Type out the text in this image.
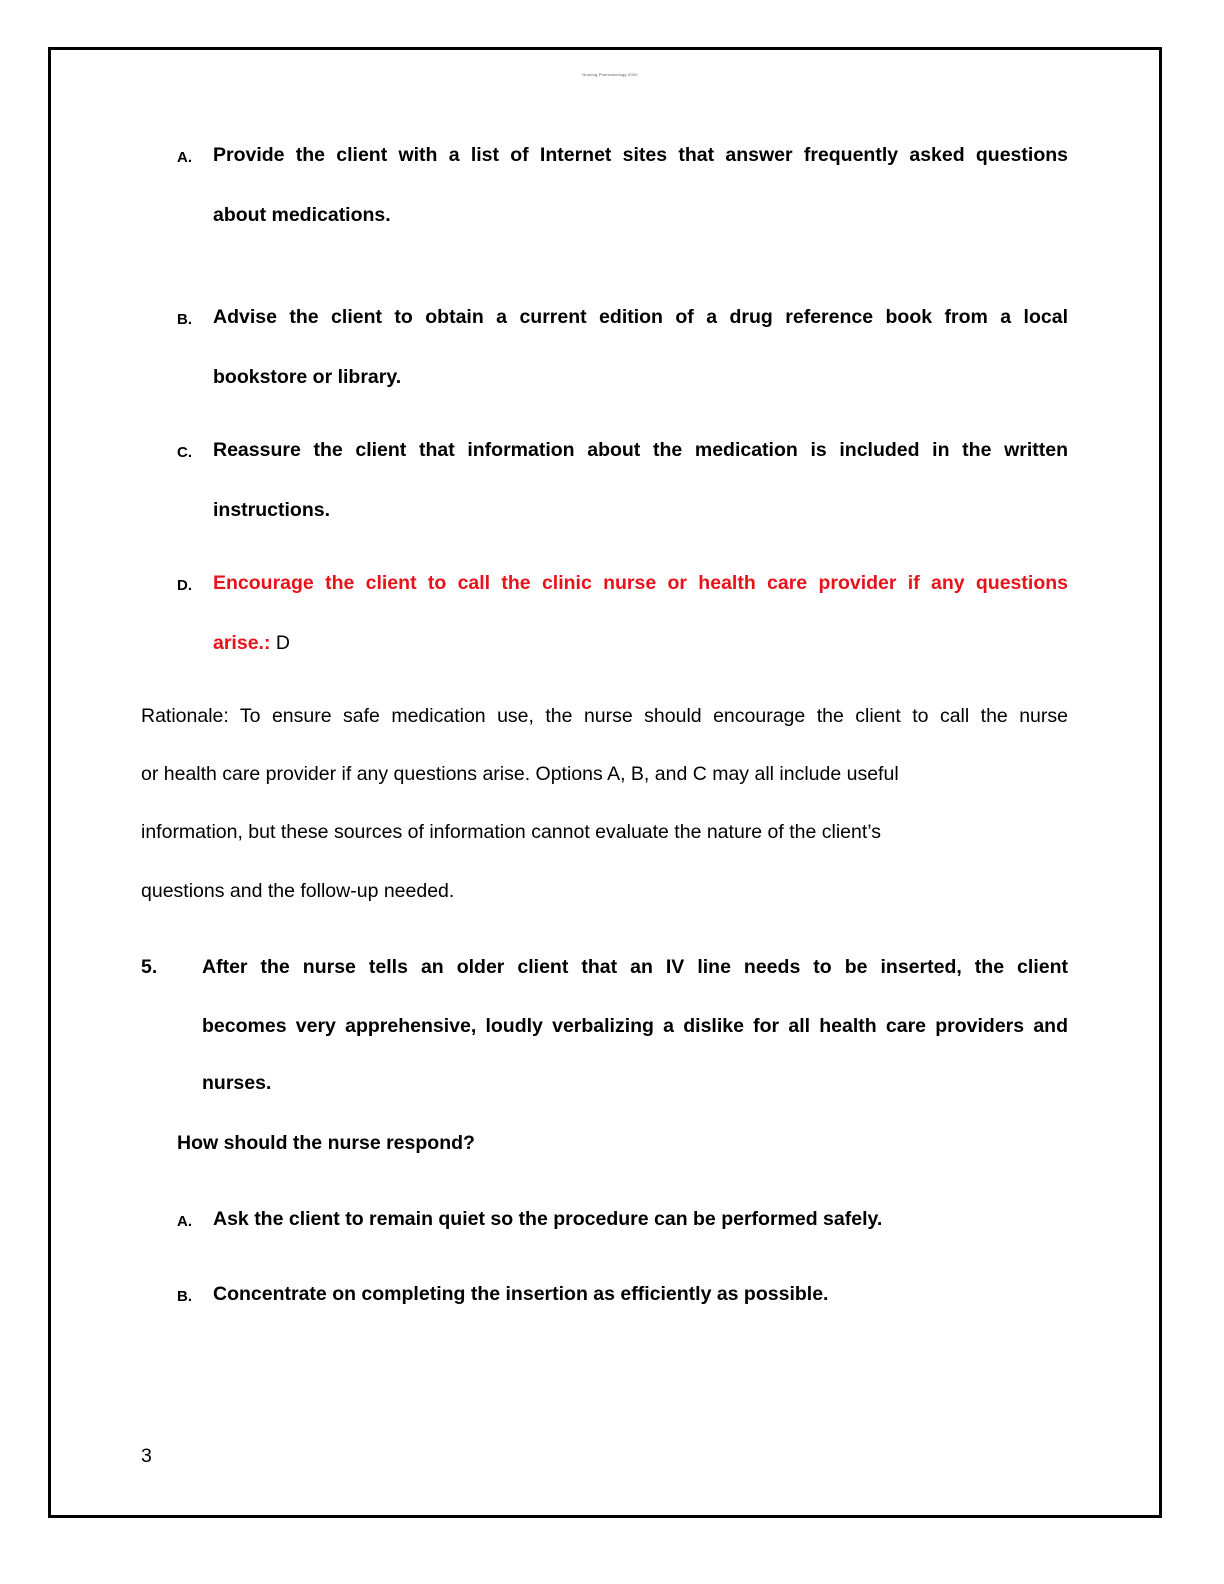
Nursing Pharmacology 2020
A. Provide the client with a list of Internet sites that answer frequently asked questions
about medications.
B. Advise the client to obtain a current edition of a drug reference book from a local
bookstore or library.
C. Reassure the client that information about the medication is included in the written
instructions.
D. Encourage the client to call the clinic nurse or health care provider if any questions
arise.: D
Rationale: To ensure safe medication use, the nurse should encourage the client to call the nurse
or health care provider if any questions arise. Options A, B, and C may all include useful
information, but these sources of information cannot evaluate the nature of the client’s
questions and the follow-up needed.
5. After the nurse tells an older client that an IV line needs to be inserted, the client
becomes very apprehensive, loudly verbalizing a dislike for all health care providers and
nurses.
How should the nurse respond?
A. Ask the client to remain quiet so the procedure can be performed safely.
B. Concentrate on completing the insertion as efficiently as possible.
3
